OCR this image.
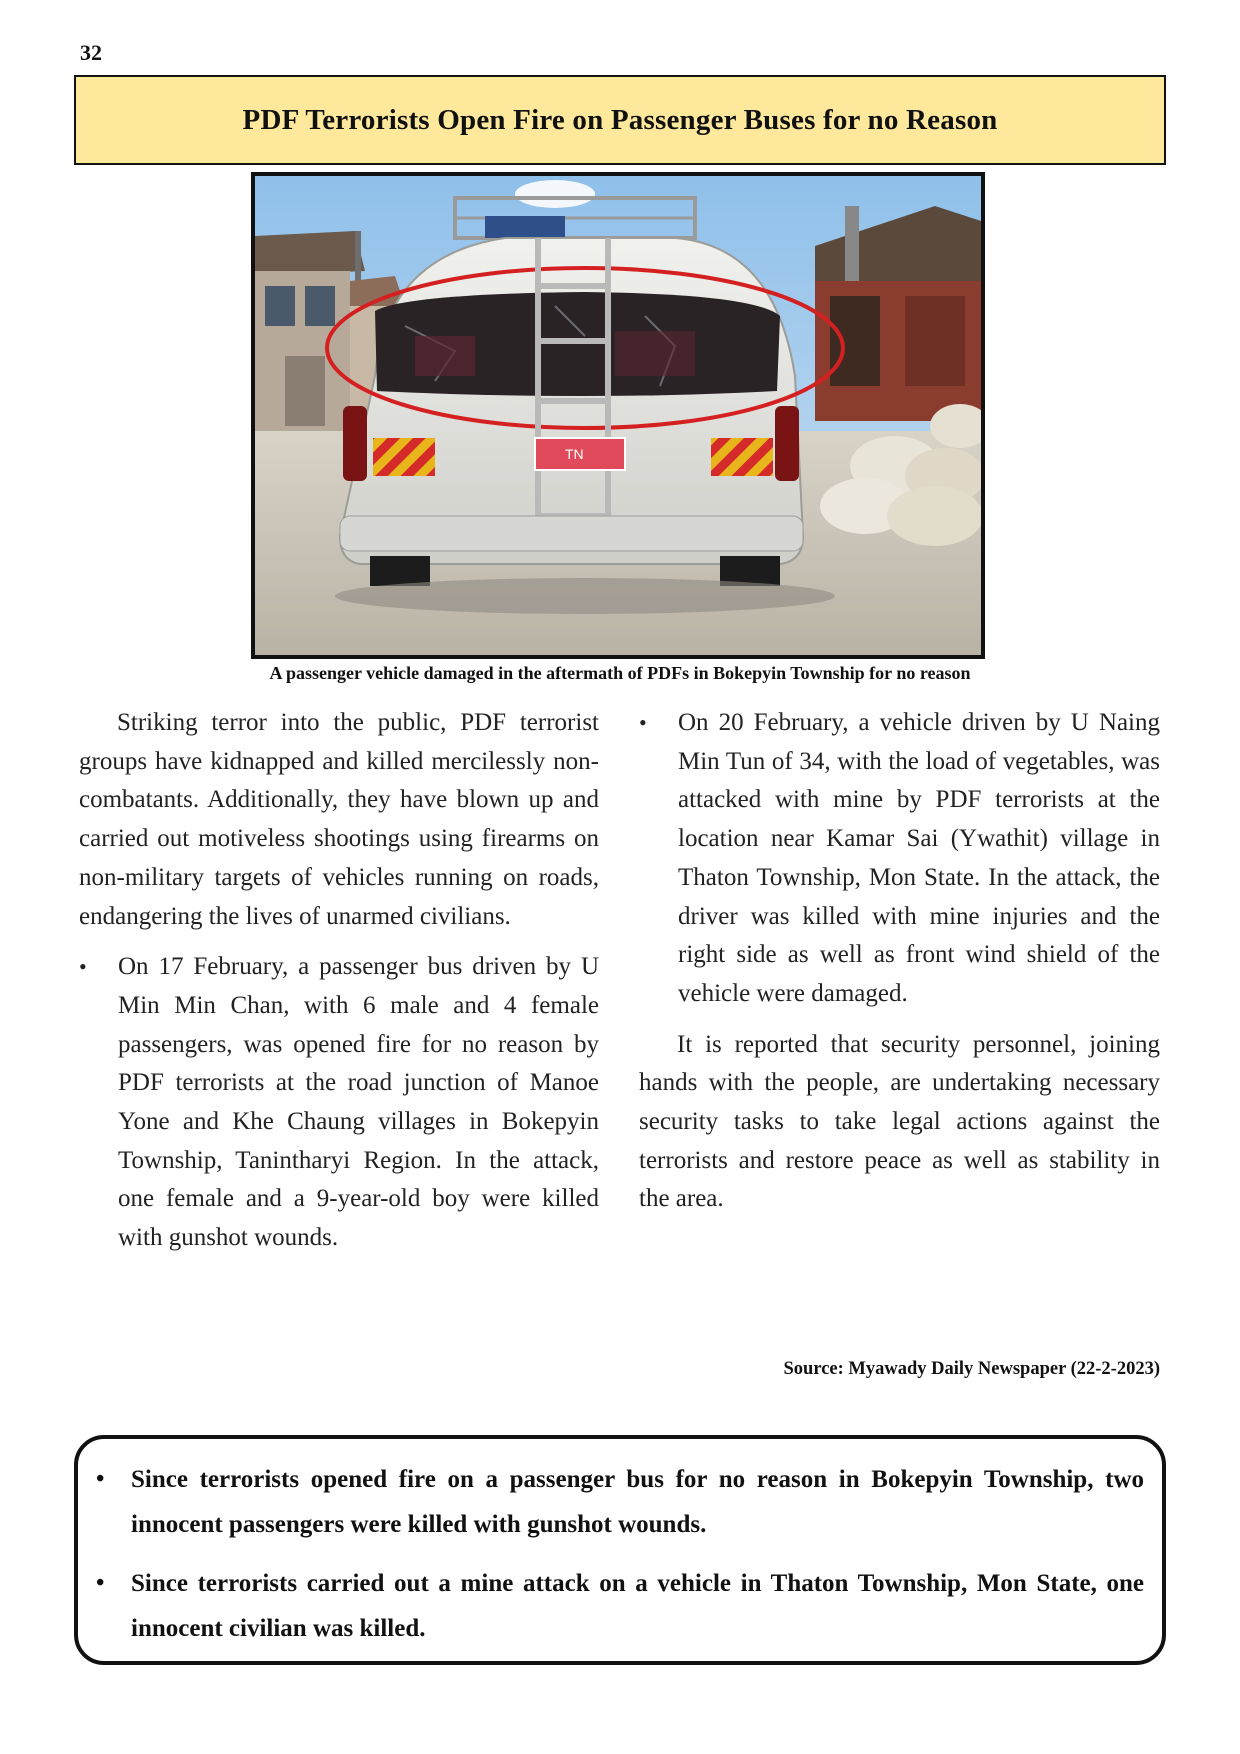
32
PDF Terrorists Open Fire on Passenger Buses for no Reason
TN
A passenger vehicle damaged in the aftermath of PDFs in Bokepyin Township for no reason

Striking terror into the public, PDF terrorist groups have kidnapped and killed mercilessly non-combatants. Additionally, they have blown up and carried out motiveless shootings using firearms on non-military targets of vehicles running on roads, endangering the lives of unarmed civilians.

• On 17 February, a passenger bus driven by U Min Min Chan, with 6 male and 4 female passengers, was opened fire for no reason by PDF terrorists at the road junction of Manoe Yone and Khe Chaung villages in Bokepyin Township, Tanintharyi Region. In the attack, one female and a 9-year-old boy were killed with gunshot wounds.
• On 20 February, a vehicle driven by U Naing Min Tun of 34, with the load of vegetables, was attacked with mine by PDF terrorists at the location near Kamar Sai (Ywathit) village in Thaton Township, Mon State. In the attack, the driver was killed with mine injuries and the right side as well as front wind shield of the vehicle were damaged.

It is reported that security personnel, joining hands with the people, are undertaking necessary security tasks to take legal actions against the terrorists and restore peace as well as stability in the area.

Source: Myawady Daily Newspaper (22-2-2023)
• Since terrorists opened fire on a passenger bus for no reason in Bokepyin Township, two innocent passengers were killed with gunshot wounds.
• Since terrorists carried out a mine attack on a vehicle in Thaton Township, Mon State, one innocent civilian was killed.
